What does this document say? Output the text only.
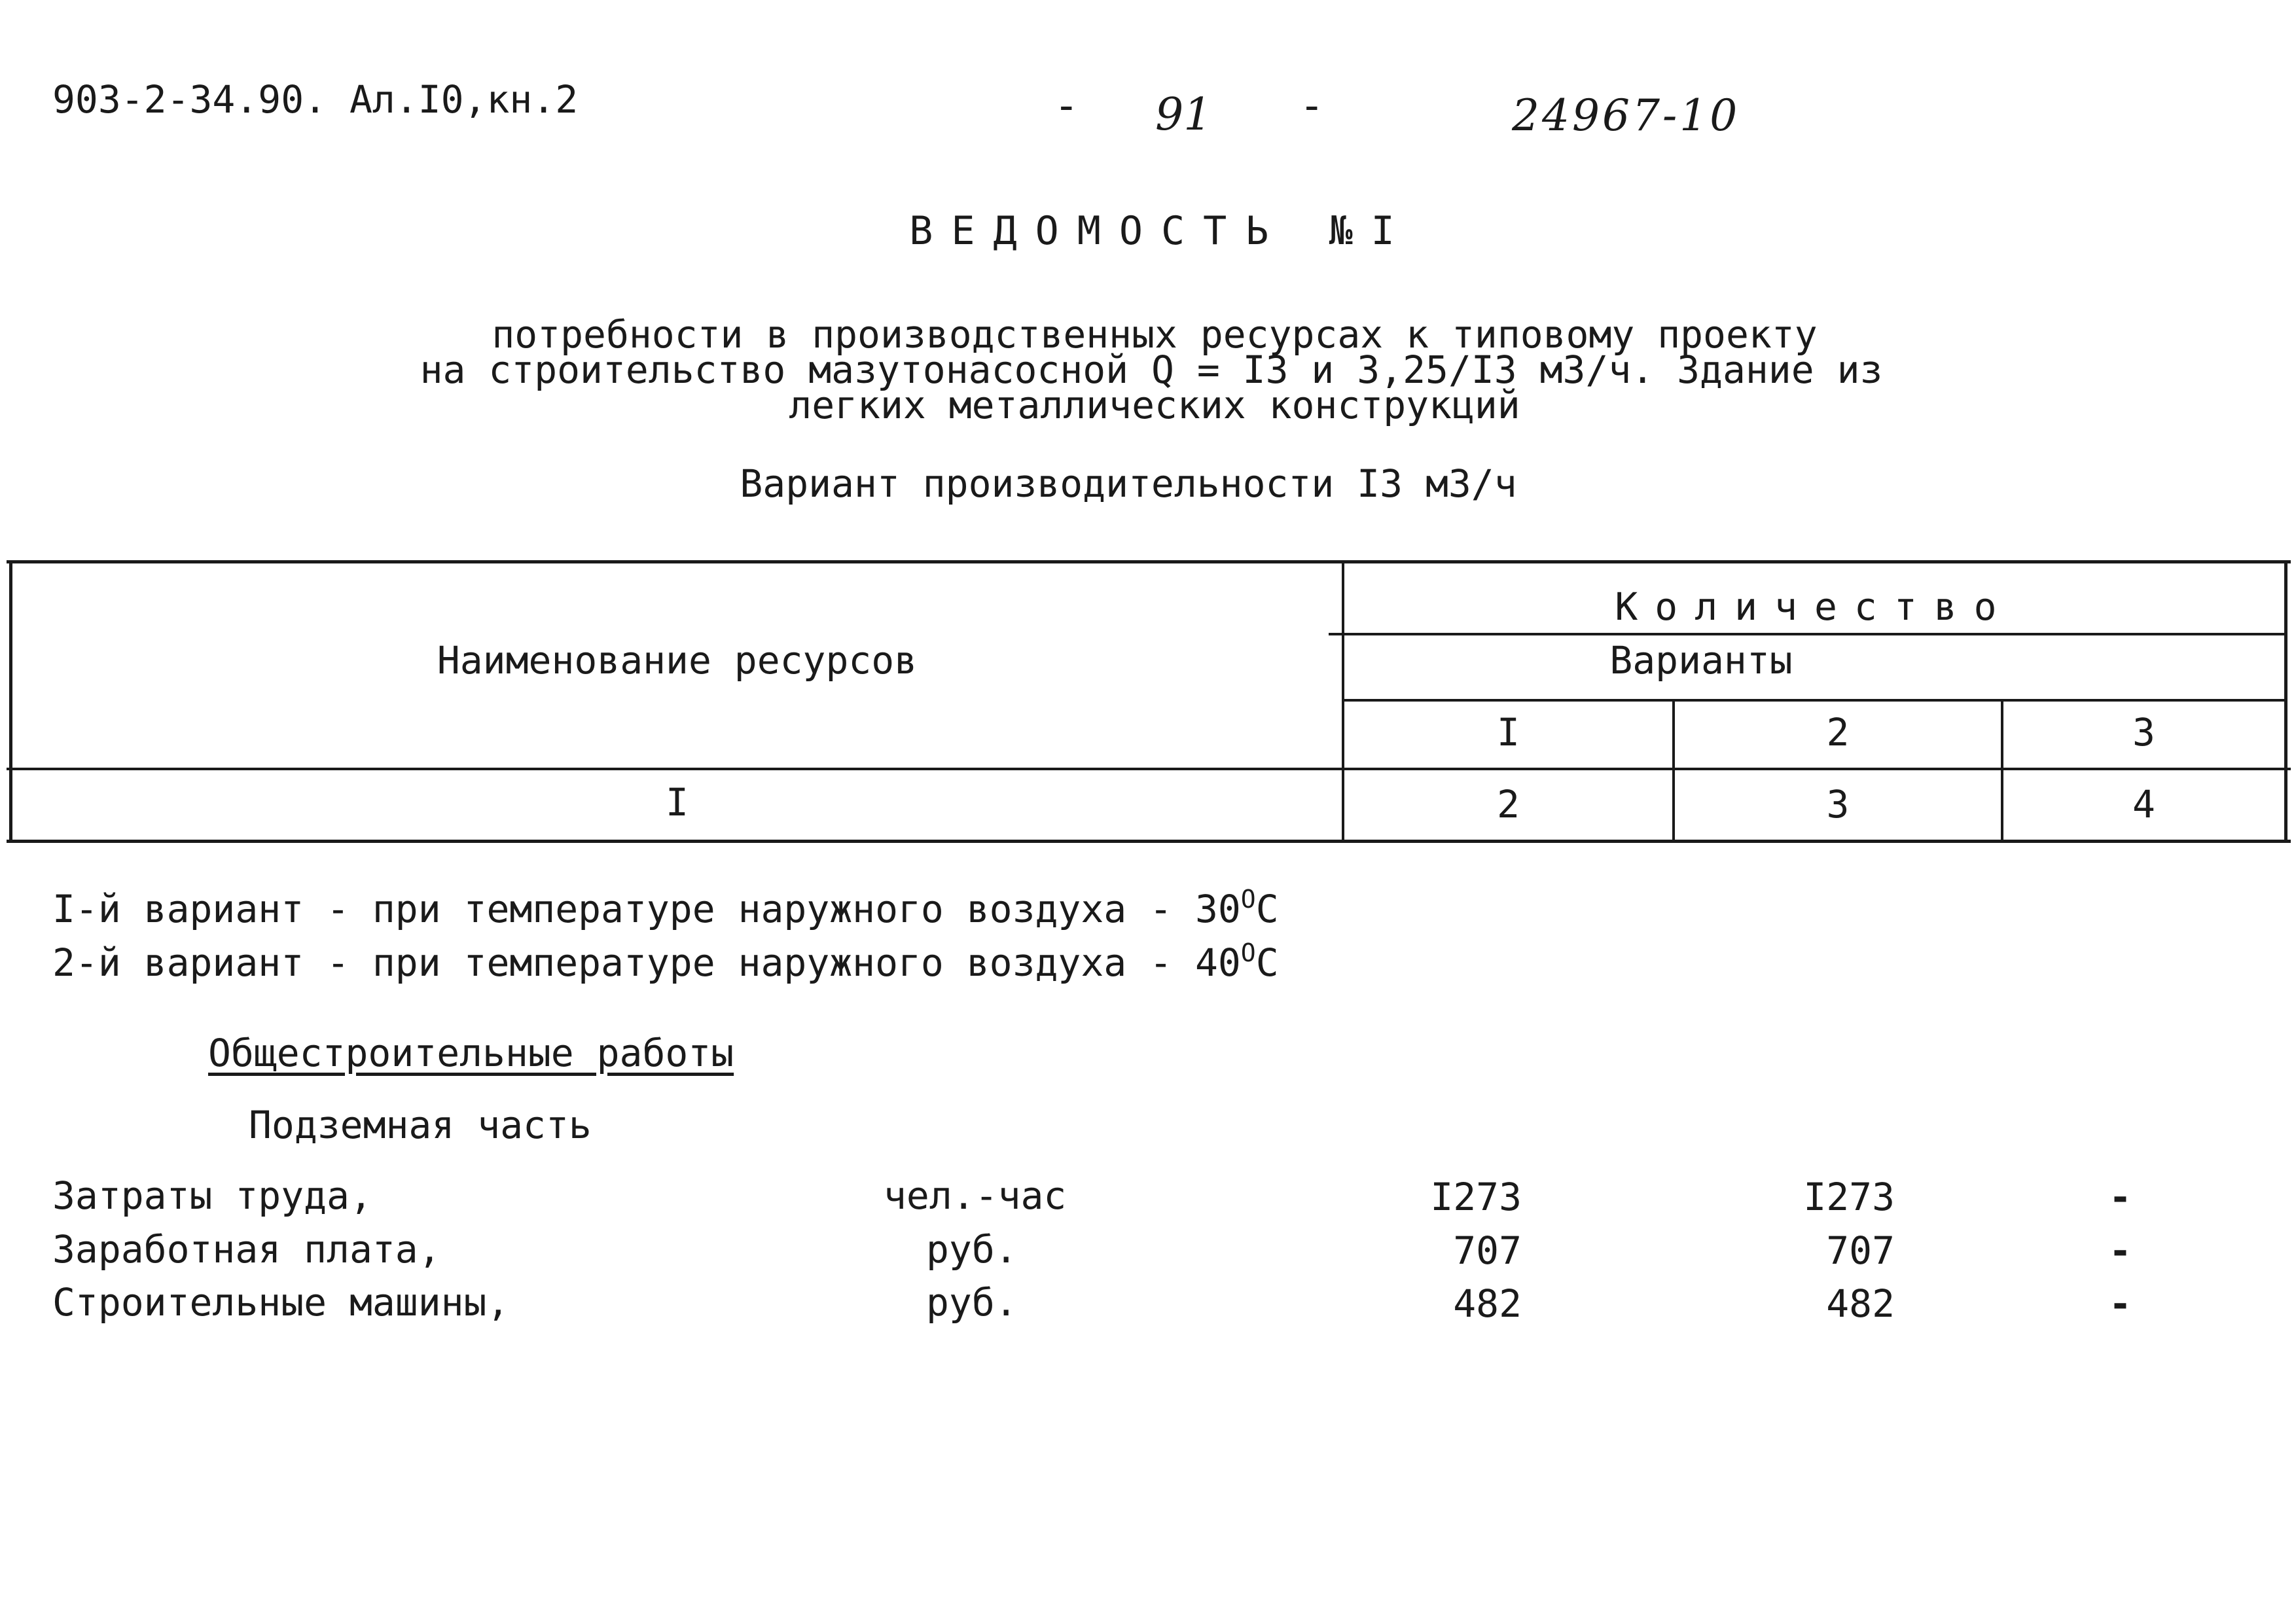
903-2-34.90. Ал.I0,кн.2	- 91 -	24967-10
ВЕДОМОСТЬ №I
потребности в производственных ресурсах к типовому проекту
на строительство мазутонасосной Q = I3 и 3,25/I3 м3/ч. Здание из
легких металлических конструкций
Вариант производительности I3 м3/ч
Наименование ресурсов
Количество
Варианты
I	2	3
I	2	3	4
I-й вариант - при температуре наружного воздуха - $30^OC$
2-й вариант - при температуре наружного воздуха - $40^OC$
Общестроительные работы
Подземная часть
Затраты труда,	чел.-час	I273	I273	-
Заработная плата,	руб.	707	707	-
Строительные машины,	руб.	482	482	-
